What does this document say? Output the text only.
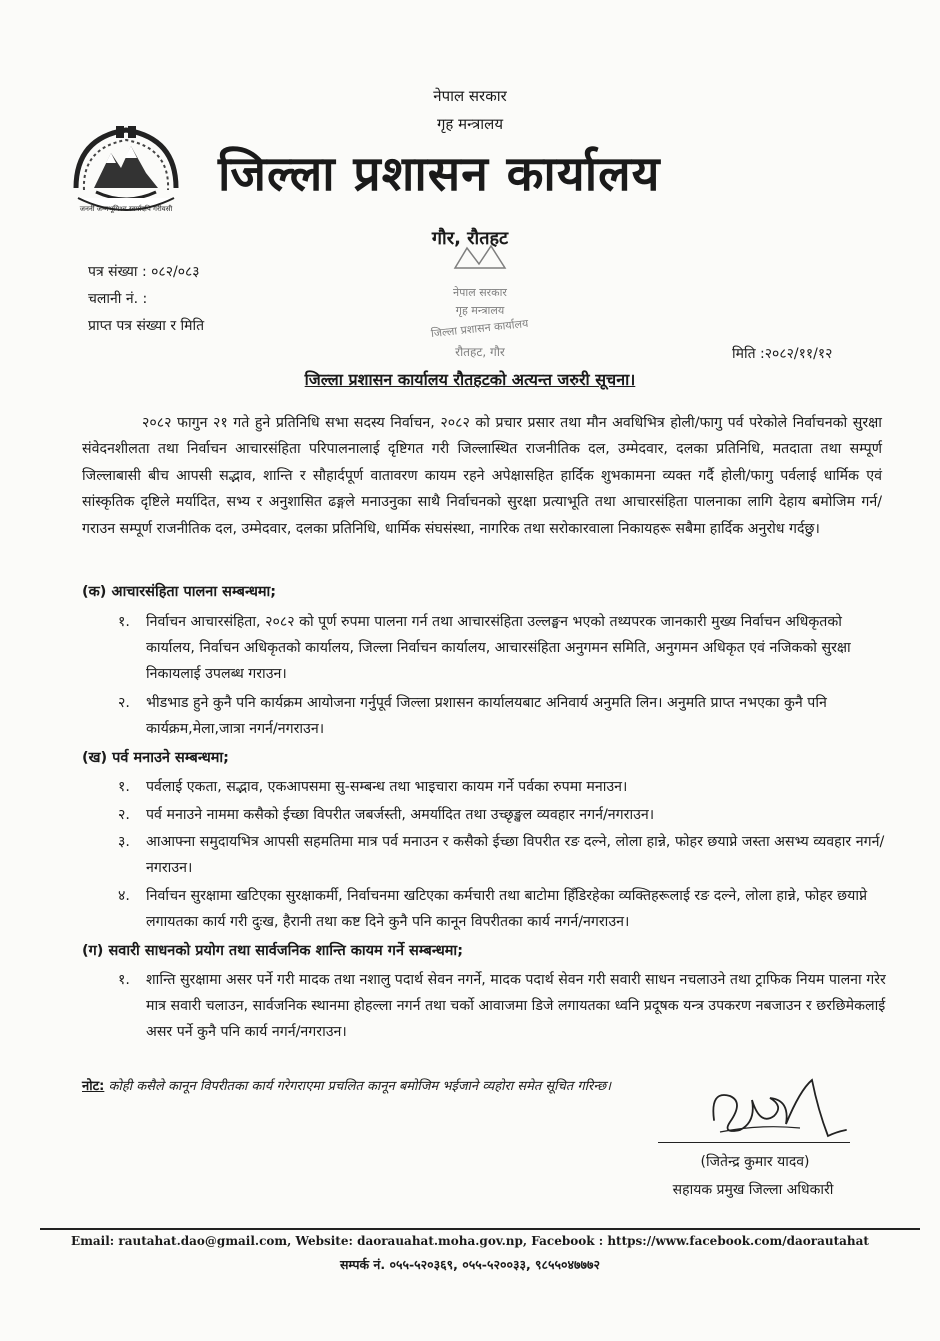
जननी जन्मभूमिश्च स्वर्गादपि गरीयसी
नेपाल सरकार
गृह मन्त्रालय
जिल्ला प्रशासन कार्यालय
गौर, रौतहट
नेपाल सरकार
गृह मन्त्रालय
जिल्ला प्रशासन कार्यालय
रौतहट, गौर
पत्र संख्या : ०८२/०८३
चलानी नं. :
प्राप्त पत्र संख्या र मिति
मिति :२०८२/११/१२
जिल्ला प्रशासन कार्यालय रौतहटको अत्यन्त जरुरी सूचना।
२०८२ फागुन २१ गते हुने प्रतिनिधि सभा सदस्य निर्वाचन, २०८२ को प्रचार प्रसार तथा मौन अवधिभित्र होली/फागु पर्व परेकोले निर्वाचनको सुरक्षा संवेदनशीलता तथा निर्वाचन आचारसंहिता परिपालनालाई दृष्टिगत गरी जिल्लास्थित राजनीतिक दल, उम्मेदवार, दलका प्रतिनिधि, मतदाता तथा सम्पूर्ण जिल्लाबासी बीच आपसी सद्भाव, शान्ति र सौहार्दपूर्ण वातावरण कायम रहने अपेक्षासहित हार्दिक शुभकामना व्यक्त गर्दै होली/फागु पर्वलाई धार्मिक एवं सांस्कृतिक दृष्टिले मर्यादित, सभ्य र अनुशासित ढङ्गले मनाउनुका साथै निर्वाचनको सुरक्षा प्रत्याभूति तथा आचारसंहिता पालनाका लागि देहाय बमोजिम गर्न/गराउन सम्पूर्ण राजनीतिक दल, उम्मेदवार, दलका प्रतिनिधि, धार्मिक संघसंस्था, नागरिक तथा सरोकारवाला निकायहरू सबैमा हार्दिक अनुरोध गर्दछु।
(क) आचारसंहिता पालना सम्बन्धमा;
१.	निर्वाचन आचारसंहिता, २०८२ को पूर्ण रुपमा पालना गर्न तथा आचारसंहिता उल्लङ्घन भएको तथ्यपरक जानकारी मुख्य निर्वाचन अधिकृतको कार्यालय, निर्वाचन अधिकृतको कार्यालय, जिल्ला निर्वाचन कार्यालय, आचारसंहिता अनुगमन समिति, अनुगमन अधिकृत एवं नजिकको सुरक्षा निकायलाई उपलब्ध गराउन।
२.	भीडभाड हुने कुनै पनि कार्यक्रम आयोजना गर्नुपूर्व जिल्ला प्रशासन कार्यालयबाट अनिवार्य अनुमति लिन। अनुमति प्राप्त नभएका कुनै पनि कार्यक्रम,मेला,जात्रा नगर्न/नगराउन।
(ख) पर्व मनाउने सम्बन्धमा;
१.	पर्वलाई एकता, सद्भाव, एकआपसमा सु-सम्बन्ध तथा भाइचारा कायम गर्ने पर्वका रुपमा मनाउन।
२.	पर्व मनाउने नाममा कसैको ईच्छा विपरीत जबर्जस्ती, अमर्यादित तथा उच्छृङ्खल व्यवहार नगर्न/नगराउन।
३.	आआफ्ना समुदायभित्र आपसी सहमतिमा मात्र पर्व मनाउन र कसैको ईच्छा विपरीत रङ दल्ने, लोला हान्ने, फोहर छयाप्ने जस्ता असभ्य व्यवहार नगर्न/नगराउन।
४.	निर्वाचन सुरक्षामा खटिएका सुरक्षाकर्मी, निर्वाचनमा खटिएका कर्मचारी तथा बाटोमा हिँडिरहेका व्यक्तिहरूलाई रङ दल्ने, लोला हान्ने, फोहर छयाप्ने लगायतका कार्य गरी दुःख, हैरानी तथा कष्ट दिने कुनै पनि कानून विपरीतका कार्य नगर्न/नगराउन।
(ग) सवारी साधनको प्रयोग तथा सार्वजनिक शान्ति कायम गर्ने सम्बन्धमा;
१.	शान्ति सुरक्षामा असर पर्ने गरी मादक तथा नशालु पदार्थ सेवन नगर्ने, मादक पदार्थ सेवन गरी सवारी साधन नचलाउने तथा ट्राफिक नियम पालना गरेर मात्र सवारी चलाउन, सार्वजनिक स्थानमा होहल्ला नगर्न तथा चर्को आवाजमा डिजे लगायतका ध्वनि प्रदूषक यन्त्र उपकरण नबजाउन र छरछिमेकलाई असर पर्ने कुनै पनि कार्य नगर्न/नगराउन।
नोट: कोही कसैले कानून विपरीतका कार्य गरेगराएमा प्रचलित कानून बमोजिम भईजाने व्यहोरा समेत सूचित गरिन्छ।
(जितेन्द्र कुमार यादव)
सहायक प्रमुख जिल्ला अधिकारी
Email: rautahat.dao@gmail.com, Website: daorauahat.moha.gov.np, Facebook : https://www.facebook.com/daorautahat
सम्पर्क नं. ०५५-५२०३६९, ०५५-५२००३३, ९८५५०४७७७२
